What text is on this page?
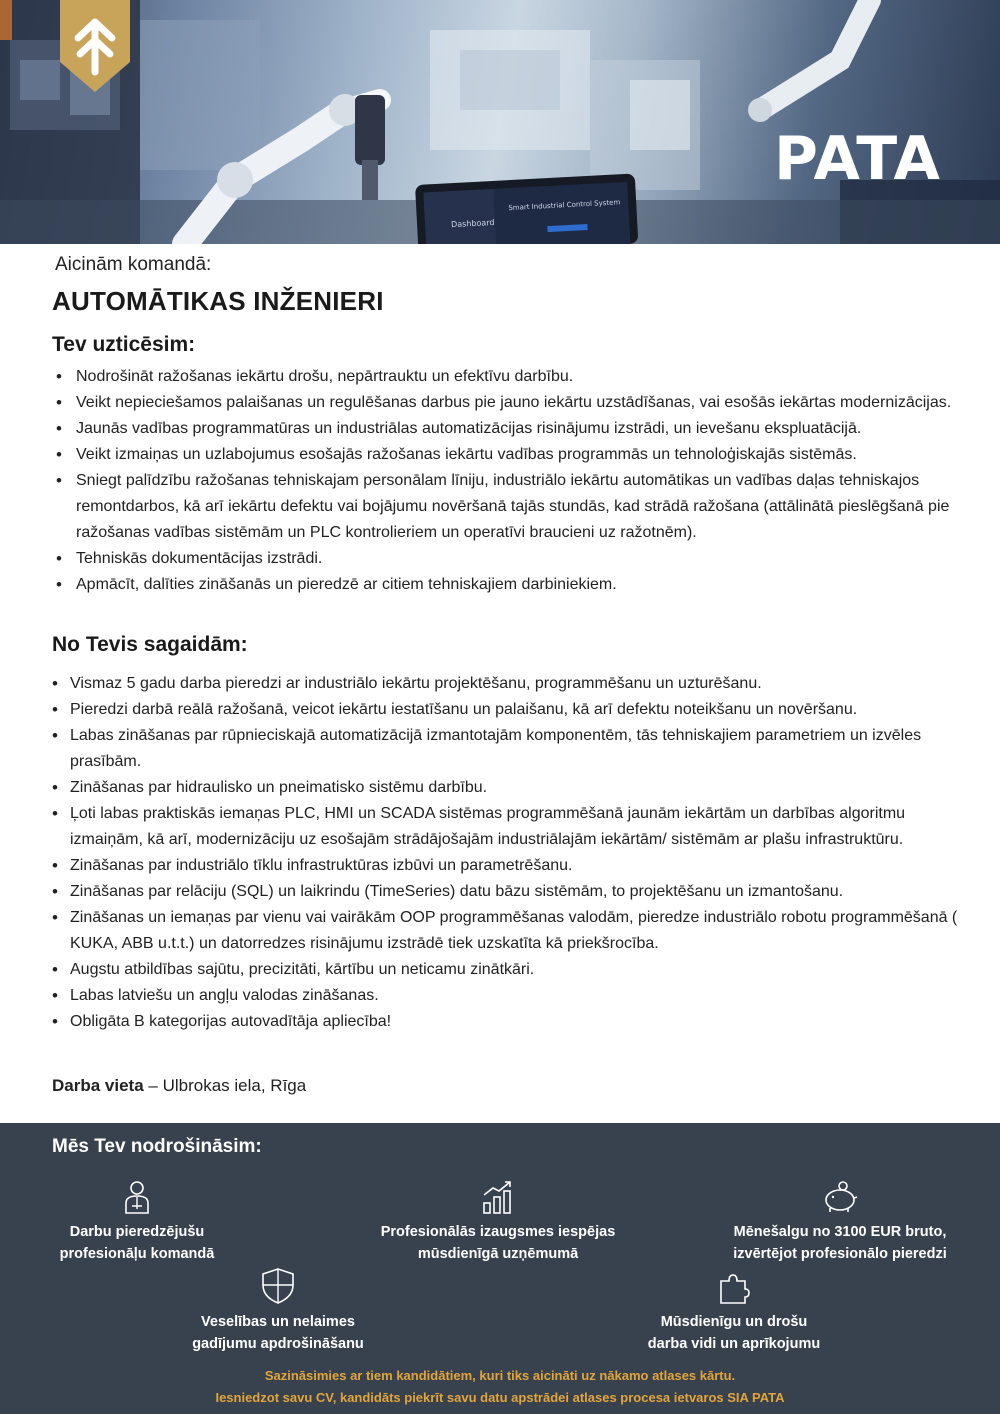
Dashboard
Smart Industrial Control System
PATA
Aicinām komandā:
AUTOMĀTIKAS INŽENIERI
Tev uzticēsim:
• Nodrošināt ražošanas iekārtu drošu, nepārtrauktu un efektīvu darbību.
• Veikt nepieciešamos palaišanas un regulēšanas darbus pie jauno iekārtu uzstādīšanas, vai esošās iekārtas modernizācijas.
• Jaunās vadības programmatūras un industriālas automatizācijas risinājumu izstrādi, un ievešanu ekspluatācijā.
• Veikt izmaiņas un uzlabojumus esošajās ražošanas iekārtu vadības programmās un tehnoloģiskajās sistēmās.
• Sniegt palīdzību ražošanas tehniskajam personālam līniju, industriālo iekārtu automātikas un vadības daļas tehniskajos remontdarbos, kā arī iekārtu defektu vai bojājumu novēršanā tajās stundās, kad strādā ražošana (attālinātā pieslēgšanā pie ražošanas vadības sistēmām un PLC kontrolieriem un operatīvi braucieni uz ražotnēm).
• Tehniskās dokumentācijas izstrādi.
• Apmācīt, dalīties zināšanās un pieredzē ar citiem tehniskajiem darbiniekiem.
No Tevis sagaidām:
• Vismaz 5 gadu darba pieredzi ar industriālo iekārtu projektēšanu, programmēšanu un uzturēšanu.
• Pieredzi darbā reālā ražošanā, veicot iekārtu iestatīšanu un palaišanu, kā arī defektu noteikšanu un novēršanu.
• Labas zināšanas par rūpnieciskajā automatizācijā izmantotajām komponentēm, tās tehniskajiem parametriem un izvēles prasībām.
• Zināšanas par hidraulisko un pneimatisko sistēmu darbību.
• Ļoti labas praktiskās iemaņas PLC, HMI un SCADA sistēmas programmēšanā jaunām iekārtām un darbības algoritmu izmaiņām, kā arī, modernizāciju uz esošajām strādājošajām industriālajām iekārtām/ sistēmām ar plašu infrastruktūru.
• Zināšanas par industriālo tīklu infrastruktūras izbūvi un parametrēšanu.
• Zināšanas par relāciju (SQL) un laikrindu (TimeSeries) datu bāzu sistēmām, to projektēšanu un izmantošanu.
• Zināšanas un iemaņas par vienu vai vairākām OOP programmēšanas valodām, pieredze industriālo robotu programmēšanā ( KUKA, ABB u.t.t.) un datorredzes risinājumu izstrādē tiek uzskatīta kā priekšrocība.
• Augstu atbildības sajūtu, precizitāti, kārtību un neticamu zinātkāri.
• Labas latviešu un angļu valodas zināšanas.
• Obligāta B kategorijas autovadītāja apliecība!
Darba vieta – Ulbrokas iela, Rīga
Mēs Tev nodrošināsim:
Darbu pieredzējušu
profesionāļu komandā
Profesionālās izaugsmes iespējas
mūsdienīgā uzņēmumā
Mēnešalgu no 3100 EUR bruto,
izvērtējot profesionālo pieredzi
Veselības un nelaimes
gadījumu apdrošināšanu
Mūsdienīgu un drošu
darba vidi un aprīkojumu
Sazināsimies ar tiem kandidātiem, kuri tiks aicināti uz nākamo atlases kārtu.
Iesniedzot savu CV, kandidāts piekrīt savu datu apstrādei atlases procesa ietvaros SIA PATA
